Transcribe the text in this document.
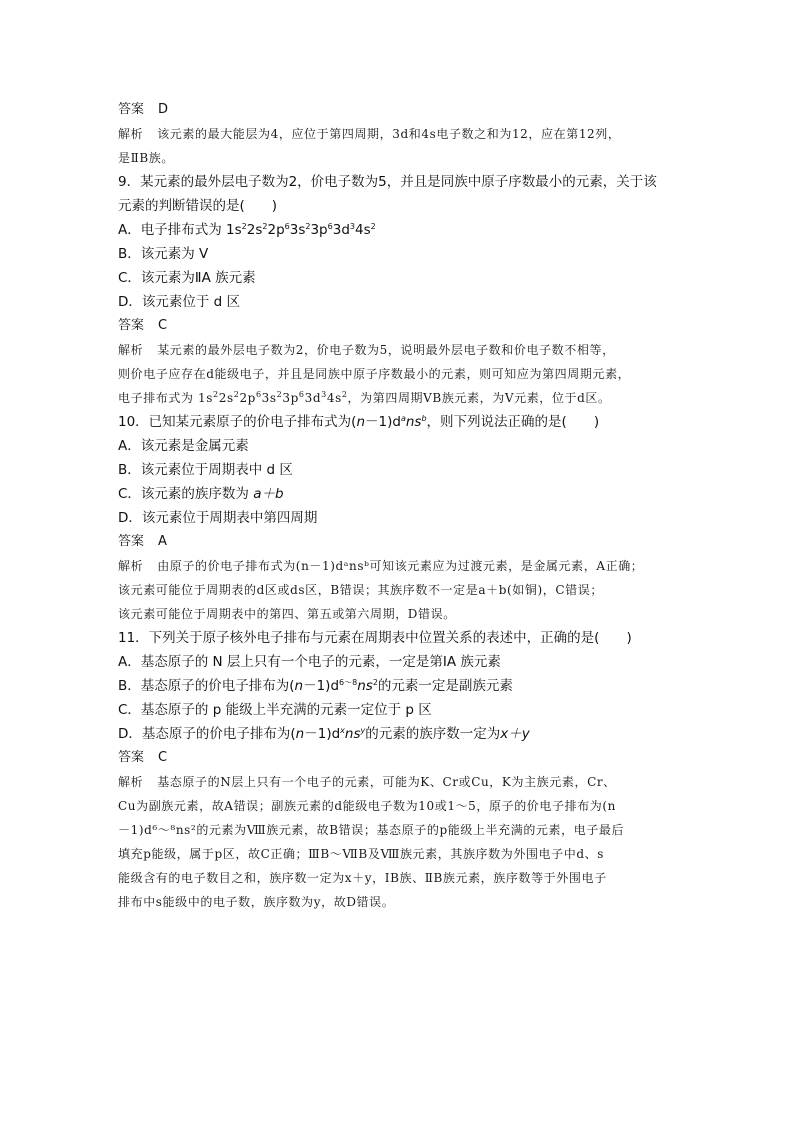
答案 D
解析 该元素的最大能层为4，应位于第四周期，3d和4s电子数之和为12，应在第12列，
是ⅡB族。
9．某元素的最外层电子数为2，价电子数为5，并且是同族中原子序数最小的元素，关于该
元素的判断错误的是(　　)
A．电子排布式为 $1s^22s^22p^63s^23p^63d^34s^2$
B．该元素为 V
C．该元素为ⅡA 族元素
D．该元素位于 d 区
答案 C
解析 某元素的最外层电子数为2，价电子数为5，说明最外层电子数和价电子数不相等，
则价电子应存在d能级电子，并且是同族中原子序数最小的元素，则可知应为第四周期元素，
电子排布式为 $1s^22s^22p^63s^23p^63d^34s^2$，为第四周期ⅤB族元素，为V元素，位于d区。
10．已知某元素原子的价电子排布式为$(n-1)d^ans^b$，则下列说法正确的是(　　)
A．该元素是金属元素
B．该元素位于周期表中 d 区
C．该元素的族序数为 a＋b
D．该元素位于周期表中第四周期
答案 A
解析 由原子的价电子排布式为(n－1)dᵃnsᵇ可知该元素应为过渡元素，是金属元素，A正确；
该元素可能位于周期表的d区或ds区，B错误；其族序数不一定是a＋b(如铜)，C错误；
该元素可能位于周期表中的第四、第五或第六周期，D错误。
11．下列关于原子核外电子排布与元素在周期表中位置关系的表述中，正确的是(　　)
A．基态原子的 N 层上只有一个电子的元素，一定是第ⅠA 族元素
B．基态原子的价电子排布为$(n-1)d^{6\sim 8}ns^2$的元素一定是副族元素
C．基态原子的 p 能级上半充满的元素一定位于 p 区
D．基态原子的价电子排布为$(n-1)d^xns^y$的元素的族序数一定为x＋y
答案 C
解析 基态原子的N层上只有一个电子的元素，可能为K、Cr或Cu，K为主族元素，Cr、
Cu为副族元素，故A错误；副族元素的d能级电子数为10或1～5，原子的价电子排布为(n
－1)d⁶～⁸ns²的元素为Ⅷ族元素，故B错误；基态原子的p能级上半充满的元素，电子最后
填充p能级，属于p区，故C正确；ⅢB～ⅦB及Ⅷ族元素，其族序数为外围电子中d、s
能级含有的电子数目之和，族序数一定为x＋y，ⅠB族、ⅡB族元素，族序数等于外围电子
排布中s能级中的电子数，族序数为y，故D错误。
